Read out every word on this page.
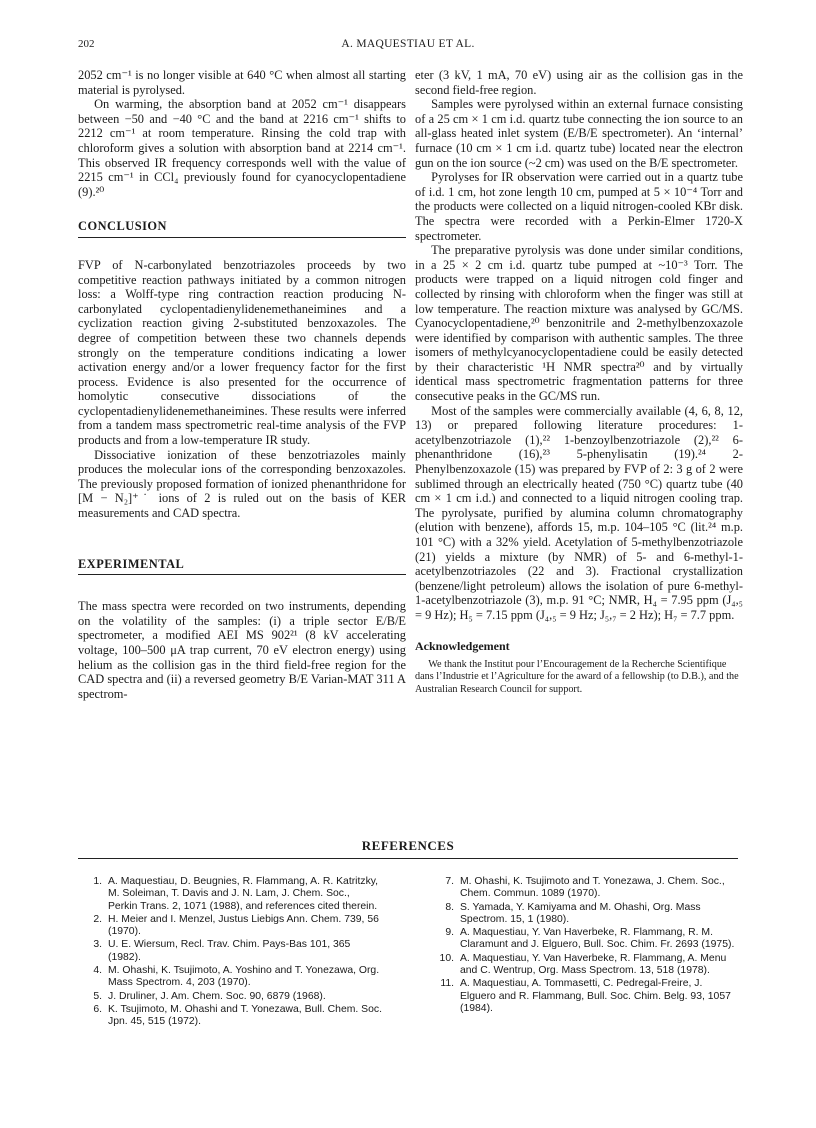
202	A. MAQUESTIAU ET AL.

2052 cm⁻¹ is no longer visible at 640 °C when almost all starting material is pyrolysed.

On warming, the absorption band at 2052 cm⁻¹ disappears between −50 and −40 °C and the band at 2216 cm⁻¹ shifts to 2212 cm⁻¹ at room temperature. Rinsing the cold trap with chloroform gives a solution with absorption band at 2214 cm⁻¹. This observed IR frequency corresponds well with the value of 2215 cm⁻¹ in CCl₄ previously found for cyanocyclopentadiene (9).²⁰

CONCLUSION

FVP of N-carbonylated benzotriazoles proceeds by two competitive reaction pathways initiated by a common nitrogen loss: a Wolff-type ring contraction reaction producing N-carbonylated cyclopentadienylidenemethaneimines and a cyclization reaction giving 2-substituted benzoxazoles. The degree of competition between these two channels depends strongly on the temperature conditions indicating a lower activation energy and/or a lower frequency factor for the first process. Evidence is also presented for the occurrence of homolytic consecutive dissociations of the cyclopentadienylidenemethaneimines. These results were inferred from a tandem mass spectrometric real-time analysis of the FVP products and from a low-temperature IR study.

Dissociative ionization of these benzotriazoles mainly produces the molecular ions of the corresponding benzoxazoles. The previously proposed formation of ionized phenanthridone for [M − N₂]⁺˙ ions of 2 is ruled out on the basis of KER measurements and CAD spectra.

EXPERIMENTAL

The mass spectra were recorded on two instruments, depending on the volatility of the samples: (i) a triple sector E/B/E spectrometer, a modified AEI MS 902²¹ (8 kV accelerating voltage, 100–500 μA trap current, 70 eV electron energy) using helium as the collision gas in the third field-free region for the CAD spectra and (ii) a reversed geometry B/E Varian-MAT 311 A spectrom-

eter (3 kV, 1 mA, 70 eV) using air as the collision gas in the second field-free region.

Samples were pyrolysed within an external furnace consisting of a 25 cm × 1 cm i.d. quartz tube connecting the ion source to an all-glass heated inlet system (E/B/E spectrometer). An ‘internal’ furnace (10 cm × 1 cm i.d. quartz tube) located near the electron gun on the ion source (~2 cm) was used on the B/E spectrometer.

Pyrolyses for IR observation were carried out in a quartz tube of i.d. 1 cm, hot zone length 10 cm, pumped at 5 × 10⁻⁴ Torr and the products were collected on a liquid nitrogen-cooled KBr disk. The spectra were recorded with a Perkin-Elmer 1720-X spectrometer.

The preparative pyrolysis was done under similar conditions, in a 25 × 2 cm i.d. quartz tube pumped at ~10⁻³ Torr. The products were trapped on a liquid nitrogen cold finger and collected by rinsing with chloroform when the finger was still at low temperature. The reaction mixture was analysed by GC/MS. Cyanocyclopentadiene,²⁰ benzonitrile and 2-methylbenzoxazole were identified by comparison with authentic samples. The three isomers of methylcyanocyclopentadiene could be easily detected by their characteristic ¹H NMR spectra²⁰ and by virtually identical mass spectrometric fragmentation patterns for three consecutive peaks in the GC/MS run.

Most of the samples were commercially available (4, 6, 8, 12, 13) or prepared following literature procedures: 1-acetylbenzotriazole (1),²² 1-benzoylbenzotriazole (2),²² 6-phenanthridone (16),²³ 5-phenylisatin (19).²⁴ 2-Phenylbenzoxazole (15) was prepared by FVP of 2: 3 g of 2 were sublimed through an electrically heated (750 °C) quartz tube (40 cm × 1 cm i.d.) and connected to a liquid nitrogen cooling trap. The pyrolysate, purified by alumina column chromatography (elution with benzene), affords 15, m.p. 104–105 °C (lit.²⁴ m.p. 101 °C) with a 32% yield. Acetylation of 5-methylbenzotriazole (21) yields a mixture (by NMR) of 5- and 6-methyl-1-acetylbenzotriazoles (22 and 3). Fractional crystallization (benzene/light petroleum) allows the isolation of pure 6-methyl-1-acetylbenzotriazole (3), m.p. 91 °C; NMR, H₄ = 7.95 ppm (J₄,₅ = 9 Hz); H₅ = 7.15 ppm (J₄,₅ = 9 Hz; J₅,₇ = 2 Hz); H₇ = 7.7 ppm.

Acknowledgement

We thank the Institut pour l’Encouragement de la Recherche Scientifique dans l’Industrie et l’Agriculture for the award of a fellowship (to D.B.), and the Australian Research Council for support.

REFERENCES
1. A. Maquestiau, D. Beugnies, R. Flammang, A. R. Katritzky, M. Soleiman, T. Davis and J. N. Lam, J. Chem. Soc., Perkin Trans. 2, 1071 (1988), and references cited therein.
2. H. Meier and I. Menzel, Justus Liebigs Ann. Chem. 739, 56 (1970).
3. U. E. Wiersum, Recl. Trav. Chim. Pays-Bas 101, 365 (1982).
4. M. Ohashi, K. Tsujimoto, A. Yoshino and T. Yonezawa, Org. Mass Spectrom. 4, 203 (1970).
5. J. Druliner, J. Am. Chem. Soc. 90, 6879 (1968).
6. K. Tsujimoto, M. Ohashi and T. Yonezawa, Bull. Chem. Soc. Jpn. 45, 515 (1972).
7. M. Ohashi, K. Tsujimoto and T. Yonezawa, J. Chem. Soc., Chem. Commun. 1089 (1970).
8. S. Yamada, Y. Kamiyama and M. Ohashi, Org. Mass Spectrom. 15, 1 (1980).
9. A. Maquestiau, Y. Van Haverbeke, R. Flammang, R. M. Claramunt and J. Elguero, Bull. Soc. Chim. Fr. 2693 (1975).
10. A. Maquestiau, Y. Van Haverbeke, R. Flammang, A. Menu and C. Wentrup, Org. Mass Spectrom. 13, 518 (1978).
11. A. Maquestiau, A. Tommasetti, C. Pedregal-Freire, J. Elguero and R. Flammang, Bull. Soc. Chim. Belg. 93, 1057 (1984).
